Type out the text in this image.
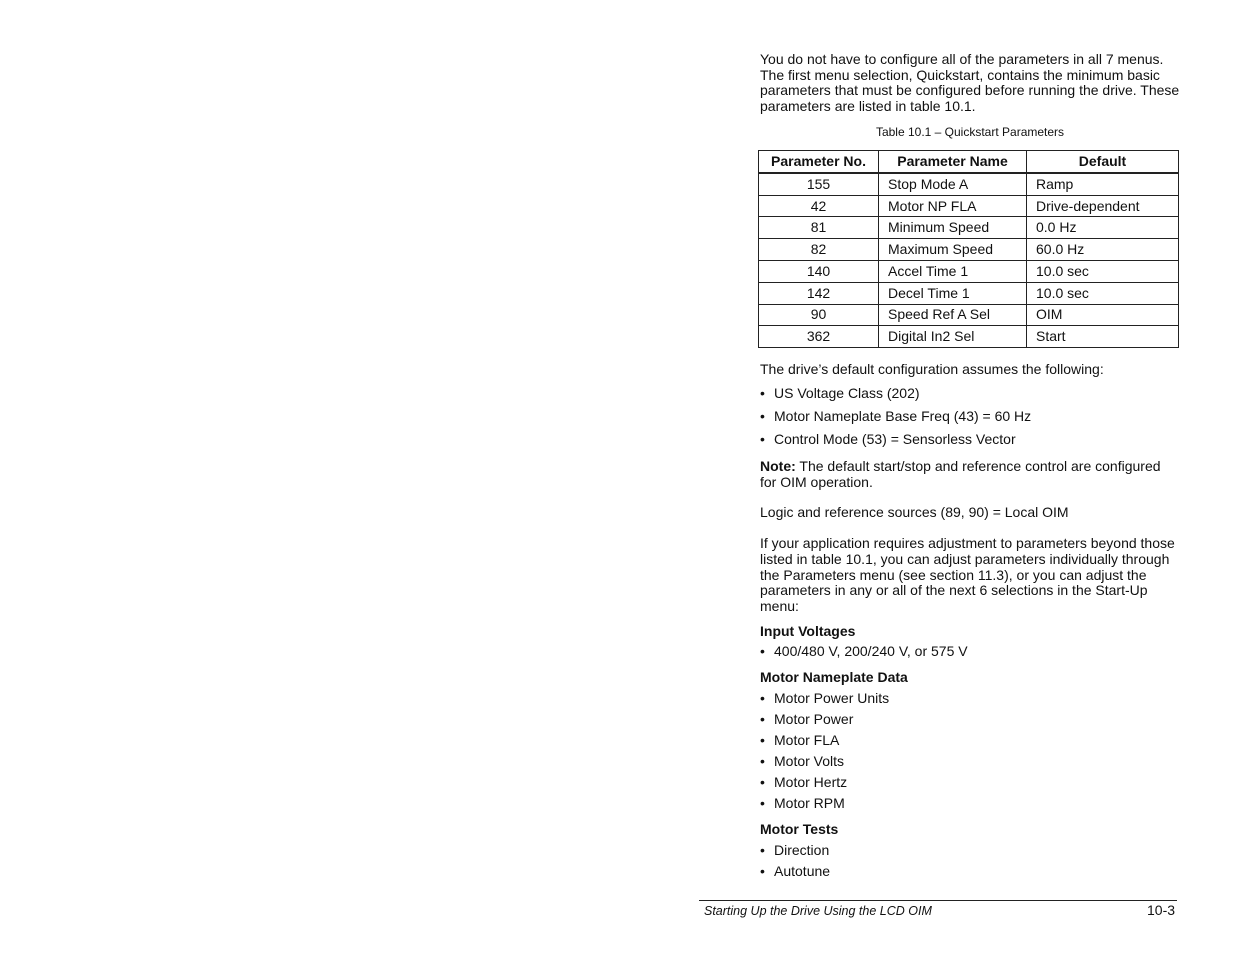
You do not have to configure all of the parameters in all 7 menus. The first menu selection, Quickstart, contains the minimum basic parameters that must be configured before running the drive. These parameters are listed in table 10.1.

Table 10.1 – Quickstart Parameters

Parameter No.	Parameter Name	Default
155	Stop Mode A	Ramp
42	Motor NP FLA	Drive-dependent
81	Minimum Speed	0.0 Hz
82	Maximum Speed	60.0 Hz
140	Accel Time 1	10.0 sec
142	Decel Time 1	10.0 sec
90	Speed Ref A Sel	OIM
362	Digital In2 Sel	Start

The drive’s default configuration assumes the following:

• US Voltage Class (202)
• Motor Nameplate Base Freq (43) = 60 Hz
• Control Mode (53) = Sensorless Vector

Note: The default start/stop and reference control are configured for OIM operation.

Logic and reference sources (89, 90) = Local OIM

If your application requires adjustment to parameters beyond those listed in table 10.1, you can adjust parameters individually through the Parameters menu (see section 11.3), or you can adjust the parameters in any or all of the next 6 selections in the Start-Up menu:

Input Voltages
• 400/480 V, 200/240 V, or 575 V
Motor Nameplate Data
• Motor Power Units
• Motor Power
• Motor FLA
• Motor Volts
• Motor Hertz
• Motor RPM
Motor Tests
• Direction
• Autotune
Starting Up the Drive Using the LCD OIM	10-3
